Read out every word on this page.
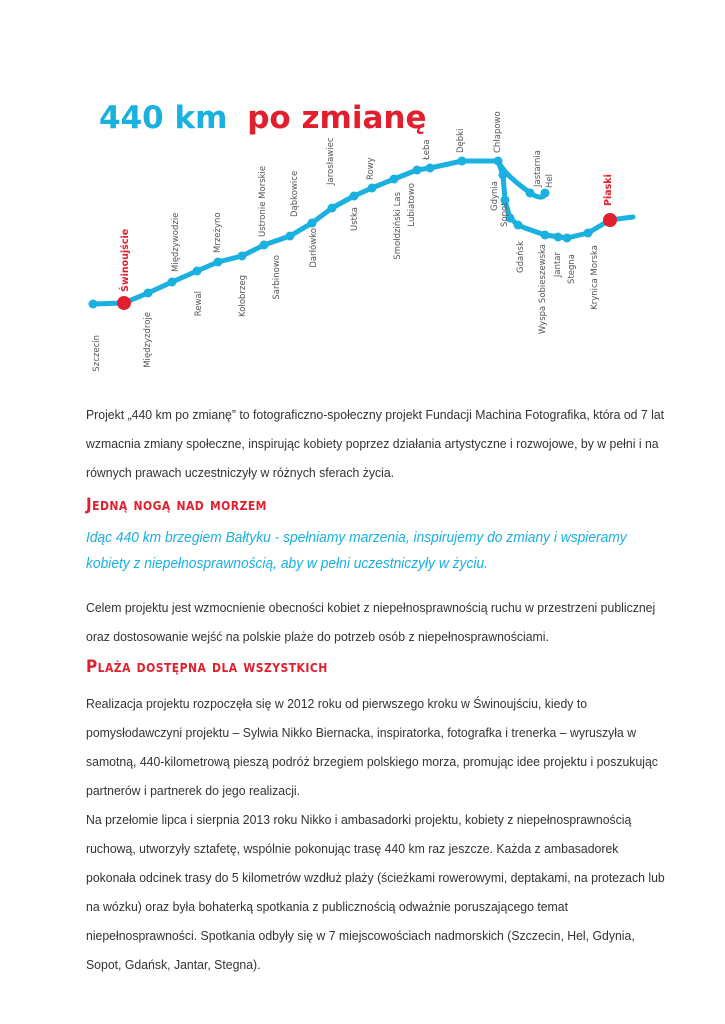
440 km po zmianę
Szczecin
Świnoujście
Międzyzdroje
Międzywodzie
Rewal
Mrzeżyno
Kołobrzeg
Ustronie Morskie
Sarbinowo
Dąbkowice
Darłówko
Jarosławiec
Ustka
Rowy
Smołdziński Las
Łeba
Lubiatowo
Dębki	Chłapowo
Jastarnia Hel
Gdynia
Sopot
Gdańsk Wyspa Sobieszewska Jantar Stegna Krynica Morska
Piaski

Projekt „440 km po zmianę” to fotograficzno-społeczny projekt Fundacji Machina Fotografika, która od 7 lat wzmacnia zmiany społeczne, inspirując kobiety poprzez działania artystyczne i rozwojowe, by w pełni i na równych prawach uczestniczyły w różnych sferach życia.

Jedną nogą nad morzem

Idąc 440 km brzegiem Bałtyku - spełniamy marzenia, inspirujemy do zmiany i wspieramy kobiety z niepełnosprawnością, aby w pełni uczestniczyły w życiu.

Celem projektu jest wzmocnienie obecności kobiet z niepełnosprawnością ruchu w przestrzeni publicznej oraz dostosowanie wejść na polskie plaże do potrzeb osób z niepełnosprawnościami.

Plaża dostępna dla wszystkich

Realizacja projektu rozpoczęła się w 2012 roku od pierwszego kroku w Świnoujściu, kiedy to pomysłodawczyni projektu – Sylwia Nikko Biernacka, inspiratorka, fotografka i trenerka – wyruszyła w samotną, 440-kilometrową pieszą podróż brzegiem polskiego morza, promując idee projektu i poszukując partnerów i partnerek do jego realizacji.

Na przełomie lipca i sierpnia 2013 roku Nikko i ambasadorki projektu, kobiety z niepełnosprawnością ruchową, utworzyły sztafetę, wspólnie pokonując trasę 440 km raz jeszcze. Każda z ambasadorek pokonała odcinek trasy do 5 kilometrów wzdłuż plaży (ścieżkami rowerowymi, deptakami, na protezach lub na wózku) oraz była bohaterką spotkania z publicznością odważnie poruszającego temat niepełnosprawności. Spotkania odbyły się w 7 miejscowościach nadmorskich (Szczecin, Hel, Gdynia, Sopot, Gdańsk, Jantar, Stegna).
